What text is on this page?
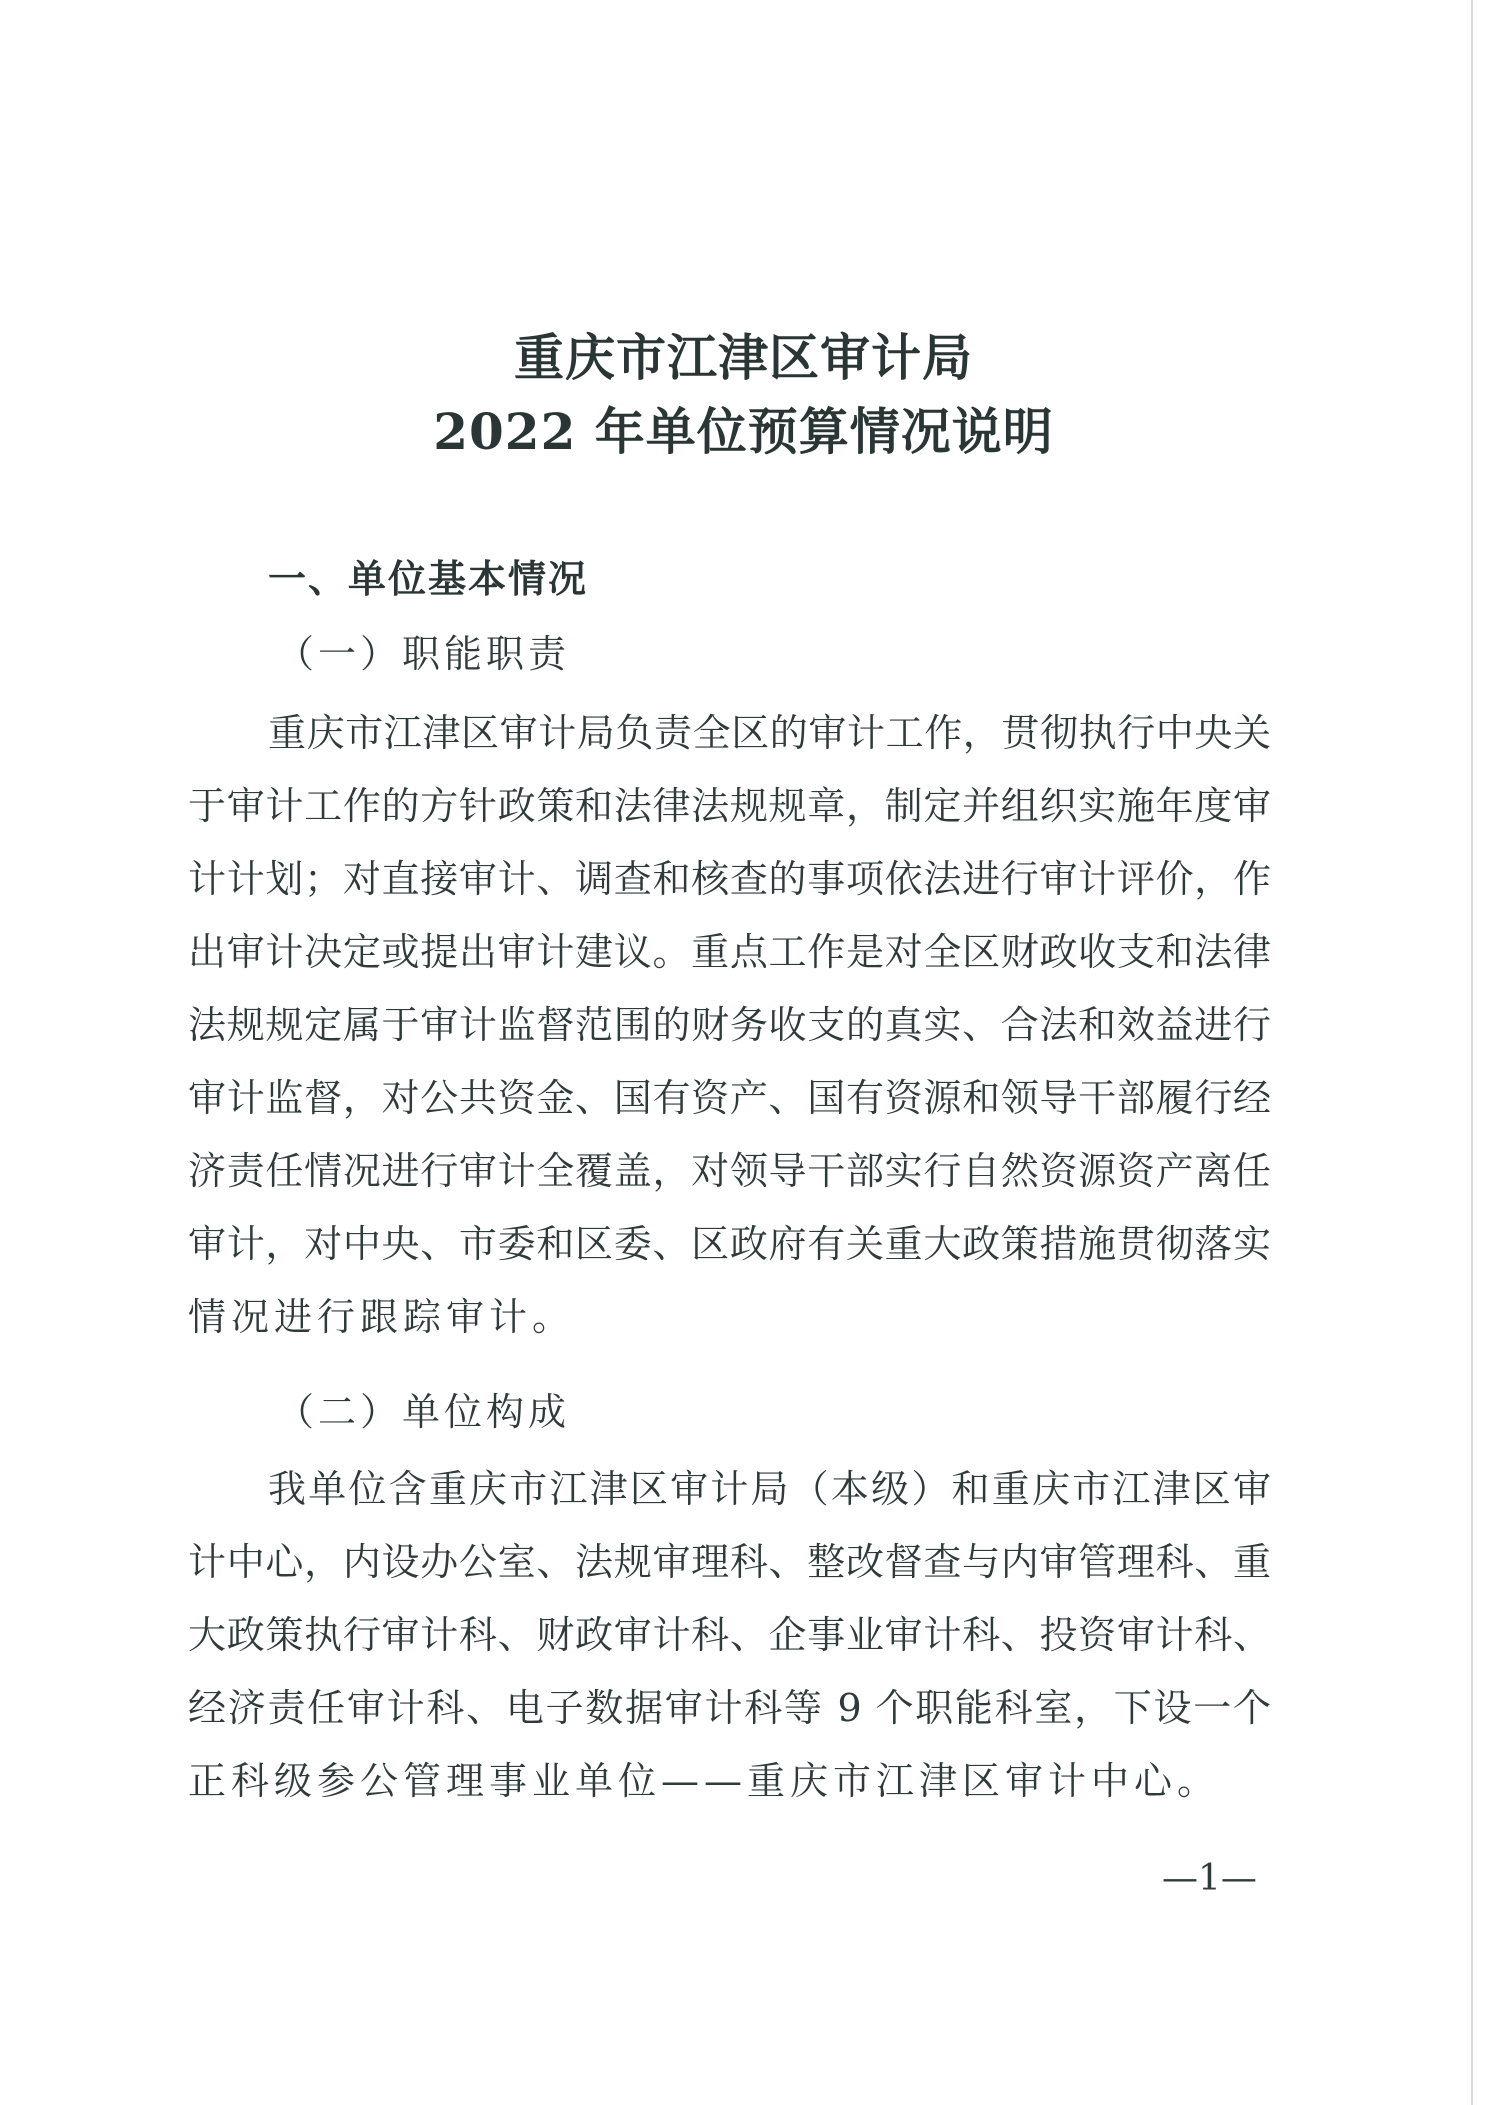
重庆市江津区审计局
2022 年单位预算情况说明
一、单位基本情况
（一）职能职责
重庆市江津区审计局负责全区的审计工作，贯彻执行中央关
于审计工作的方针政策和法律法规规章，制定并组织实施年度审
计计划；对直接审计、调查和核查的事项依法进行审计评价，作
出审计决定或提出审计建议。重点工作是对全区财政收支和法律
法规规定属于审计监督范围的财务收支的真实、合法和效益进行
审计监督，对公共资金、国有资产、国有资源和领导干部履行经
济责任情况进行审计全覆盖，对领导干部实行自然资源资产离任
审计，对中央、市委和区委、区政府有关重大政策措施贯彻落实
情况进行跟踪审计。
（二）单位构成
我单位含重庆市江津区审计局（本级）和重庆市江津区审
计中心，内设办公室、法规审理科、整改督查与内审管理科、重
大政策执行审计科、财政审计科、企事业审计科、投资审计科、
经济责任审计科、电子数据审计科等 9 个职能科室，下设一个
正科级参公管理事业单位——重庆市江津区审计中心。
—1—
